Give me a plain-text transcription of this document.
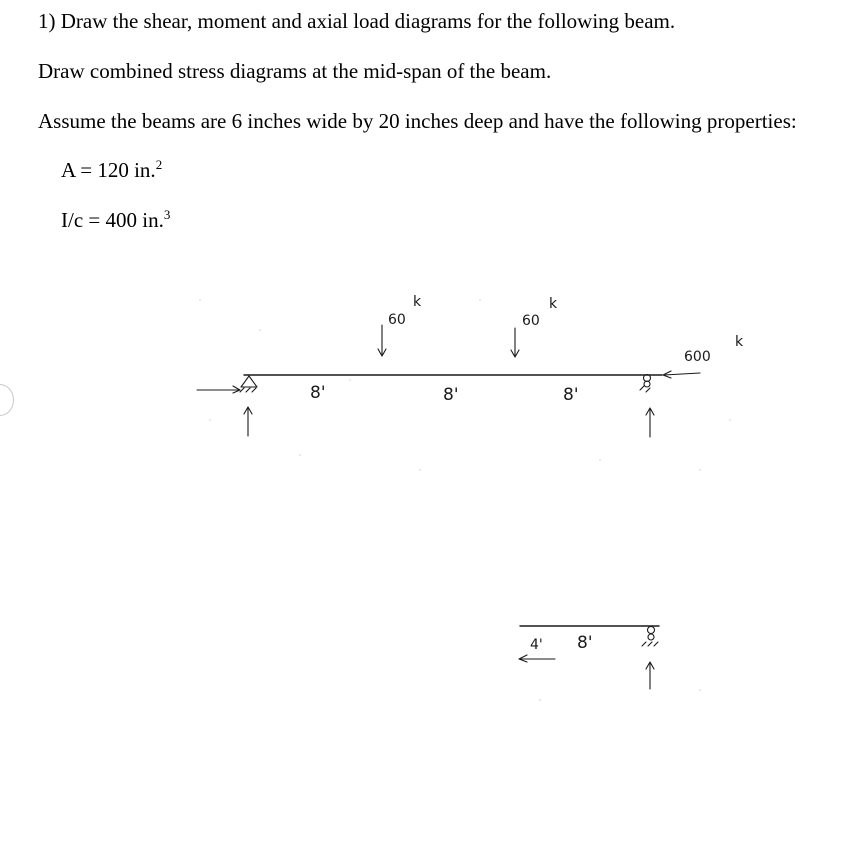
1) Draw the shear, moment and axial load diagrams for the following beam.
Draw combined stress diagrams at the mid-span of the beam.
Assume the beams are 6 inches wide by 20 inches deep and have the following properties:
A = 120 in.$^2$
I/c = 400 in.$^3$
60
k
60
k
600
k
8'	8'	8'
4' 8'
